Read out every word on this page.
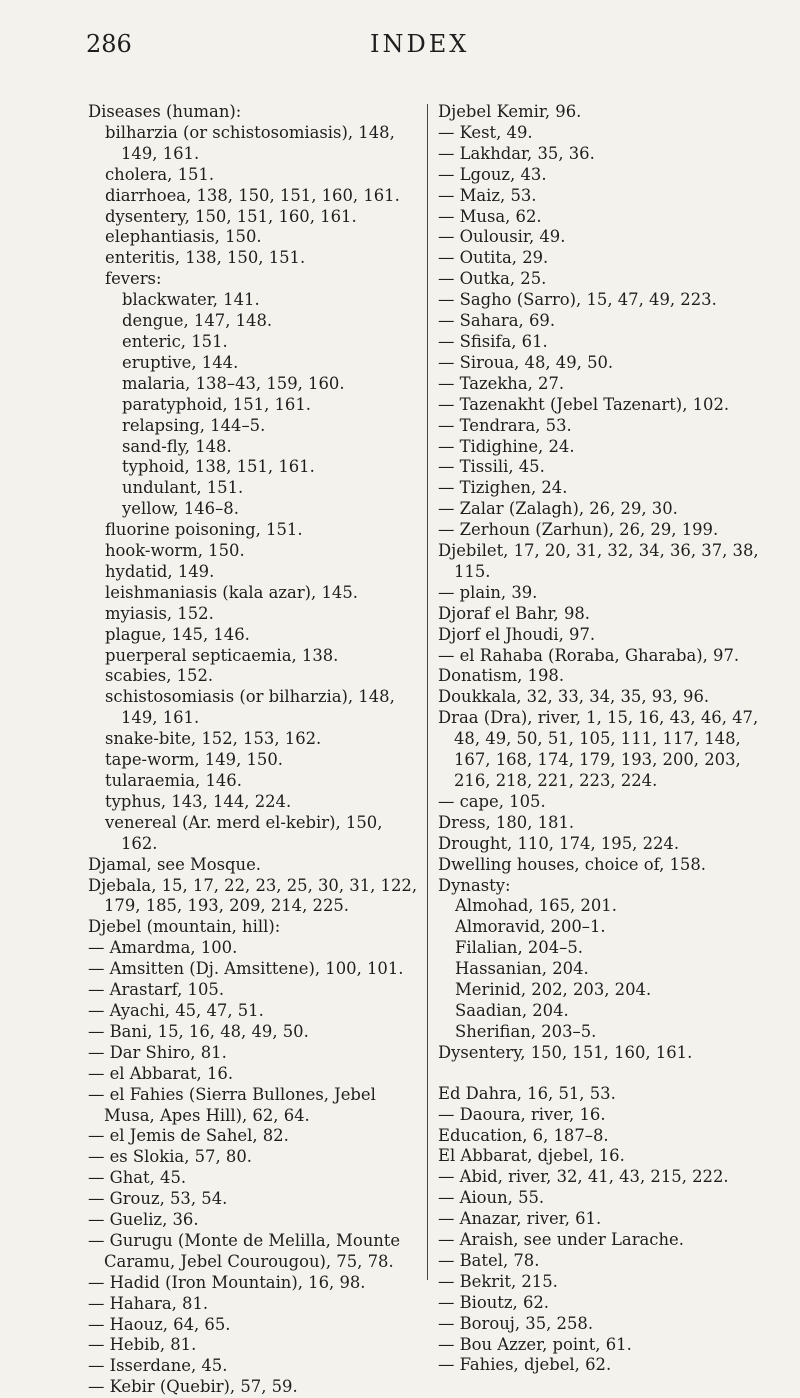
286	INDEX

Diseases (human):

bilharzia (or schistosomiasis), 148, 149, 161.

cholera, 151.

diarrhoea, 138, 150, 151, 160, 161.

dysentery, 150, 151, 160, 161.

elephantiasis, 150.

enteritis, 138, 150, 151.

fevers:

blackwater, 141.

dengue, 147, 148.

enteric, 151.

eruptive, 144.

malaria, 138–43, 159, 160.

paratyphoid, 151, 161.

relapsing, 144–5.

sand-fly, 148.

typhoid, 138, 151, 161.

undulant, 151.

yellow, 146–8.

fluorine poisoning, 151.

hook-worm, 150.

hydatid, 149.

leishmaniasis (kala azar), 145.

myiasis, 152.

plague, 145, 146.

puerperal septicaemia, 138.

scabies, 152.

schistosomiasis (or bilharzia), 148, 149, 161.

snake-bite, 152, 153, 162.

tape-worm, 149, 150.

tularaemia, 146.

typhus, 143, 144, 224.

venereal (Ar. merd el-kebir), 150, 162.

Djamal, see Mosque.

Djebala, 15, 17, 22, 23, 25, 30, 31, 122, 179, 185, 193, 209, 214, 225.

Djebel (mountain, hill):

— Amardma, 100.

— Amsitten (Dj. Amsittene), 100, 101.

— Arastarf, 105.

— Ayachi, 45, 47, 51.

— Bani, 15, 16, 48, 49, 50.

— Dar Shiro, 81.

— el Abbarat, 16.

— el Fahies (Sierra Bullones, Jebel Musa, Apes Hill), 62, 64.

— el Jemis de Sahel, 82.

— es Slokia, 57, 80.

— Ghat, 45.

— Grouz, 53, 54.

— Gueliz, 36.

— Gurugu (Monte de Melilla, Mounte Caramu, Jebel Courougou), 75, 78.

— Hadid (Iron Mountain), 16, 98.

— Hahara, 81.

— Haouz, 64, 65.

— Hebib, 81.

— Isserdane, 45.

— Kebir (Quebir), 57, 59.

Djebel Kemir, 96.

— Kest, 49.

— Lakhdar, 35, 36.

— Lgouz, 43.

— Maiz, 53.

— Musa, 62.

— Oulousir, 49.

— Outita, 29.

— Outka, 25.

— Sagho (Sarro), 15, 47, 49, 223.

— Sahara, 69.

— Sfisifa, 61.

— Siroua, 48, 49, 50.

— Tazekha, 27.

— Tazenakht (Jebel Tazenart), 102.

— Tendrara, 53.

— Tidighine, 24.

— Tissili, 45.

— Tizighen, 24.

— Zalar (Zalagh), 26, 29, 30.

— Zerhoun (Zarhun), 26, 29, 199.

Djebilet, 17, 20, 31, 32, 34, 36, 37, 38, 115.

— plain, 39.

Djoraf el Bahr, 98.

Djorf el Jhoudi, 97.

— el Rahaba (Roraba, Gharaba), 97.

Donatism, 198.

Doukkala, 32, 33, 34, 35, 93, 96.

Draa (Dra), river, 1, 15, 16, 43, 46, 47, 48, 49, 50, 51, 105, 111, 117, 148, 167, 168, 174, 179, 193, 200, 203, 216, 218, 221, 223, 224.

— cape, 105.

Dress, 180, 181.

Drought, 110, 174, 195, 224.

Dwelling houses, choice of, 158.

Dynasty:

Almohad, 165, 201.

Almoravid, 200–1.

Filalian, 204–5.

Hassanian, 204.

Merinid, 202, 203, 204.

Saadian, 204.

Sherifian, 203–5.

Dysentery, 150, 151, 160, 161.

Ed Dahra, 16, 51, 53.

— Daoura, river, 16.

Education, 6, 187–8.

El Abbarat, djebel, 16.

— Abid, river, 32, 41, 43, 215, 222.

— Aioun, 55.

— Anazar, river, 61.

— Araish, see under Larache.

— Batel, 78.

— Bekrit, 215.

— Bioutz, 62.

— Borouj, 35, 258.

— Bou Azzer, point, 61.

— Fahies, djebel, 62.
